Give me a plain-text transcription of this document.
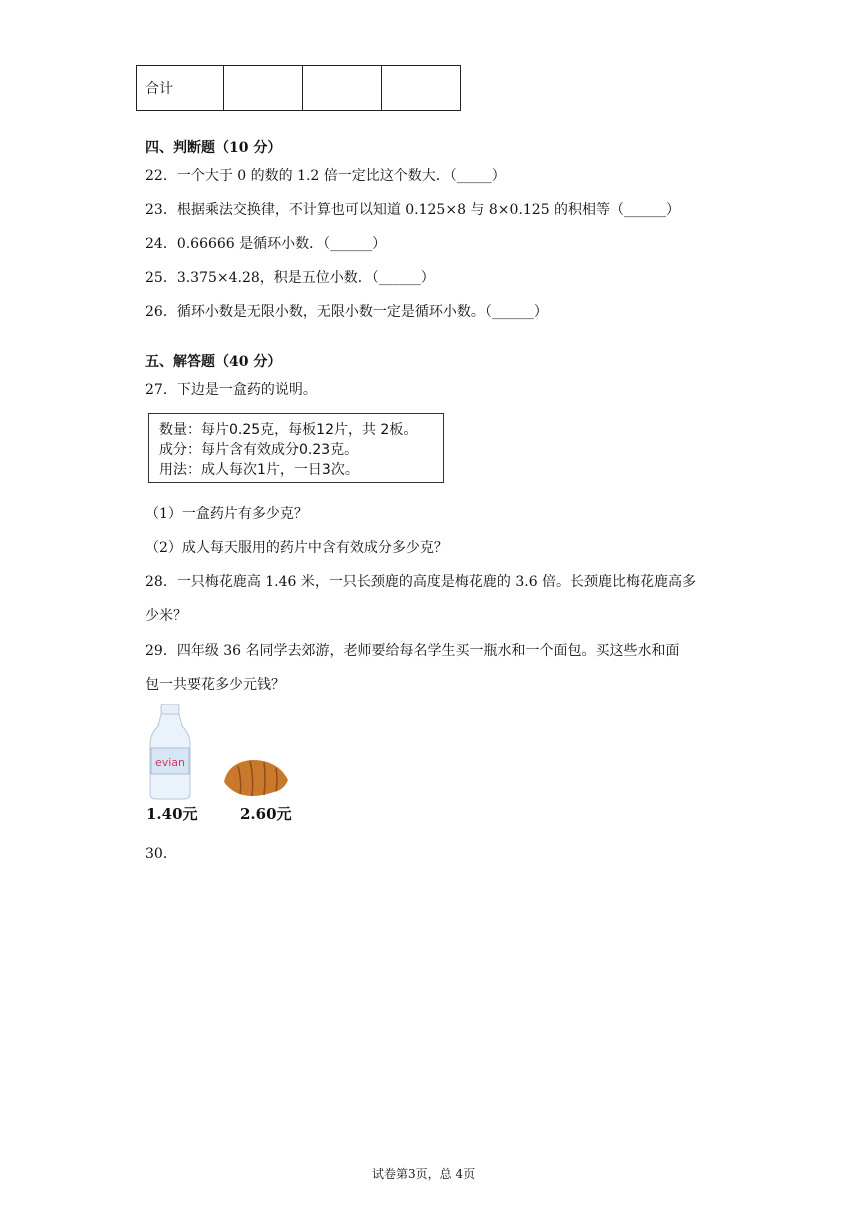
合计			
四、判断题（10 分）
22．一个大于 0 的数的 1.2 倍一定比这个数大．（_____）
23．根据乘法交换律，不计算也可以知道 0.125×8 与 8×0.125 的积相等（______）
24．0.66666 是循环小数．（______）
25．3.375×4.28，积是五位小数．（______）
26．循环小数是无限小数，无限小数一定是循环小数。（______）
五、解答题（40 分）
27．下边是一盒药的说明。
数量：每片0.25克，每板12片，共 2板。
成分：每片含有效成分0.23克。
用法：成人每次1片，一日3次。
（1）一盒药片有多少克？
（2）成人每天服用的药片中含有效成分多少克？
28．一只梅花鹿高 1.46 米，一只长颈鹿的高度是梅花鹿的 3.6 倍。长颈鹿比梅花鹿高多
少米？
29．四年级 36 名同学去郊游，老师要给每名学生买一瓶水和一个面包。买这些水和面
包一共要花多少元钱？
evian
1.40元	2.60元
30．
试卷第3页，总 4页
